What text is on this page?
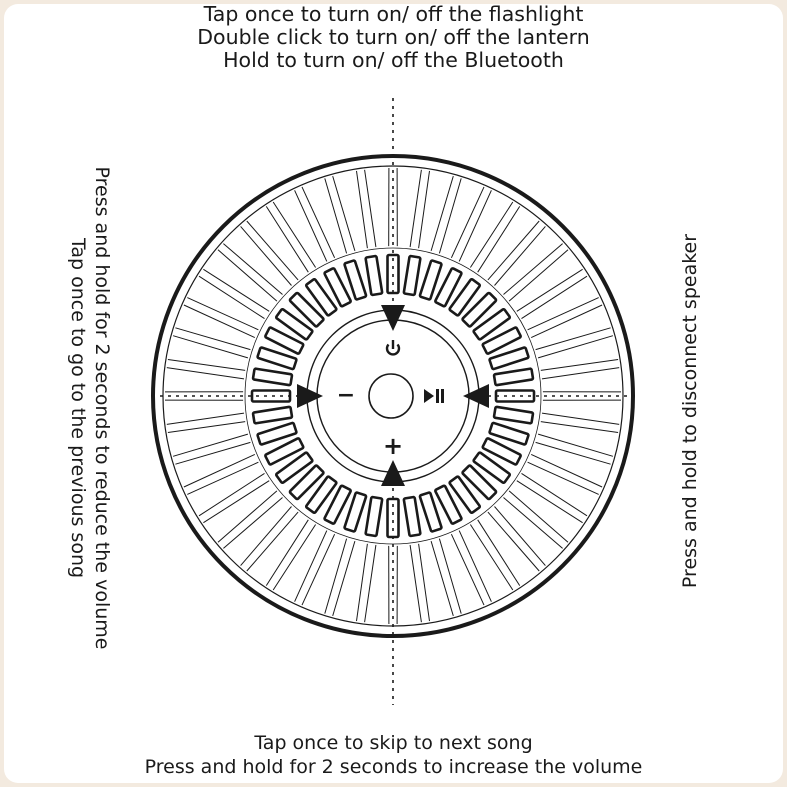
Tap once to turn on/ off the flashlight
Double click to turn on/ off the lantern
Hold to turn on/ off the Bluetooth
Press and hold for 2 seconds to reduce the volume
Tap once to go to the previous song	Press and hold to disconnect speaker
−
+
Tap once to skip to next song
Press and hold for 2 seconds to increase the volume
